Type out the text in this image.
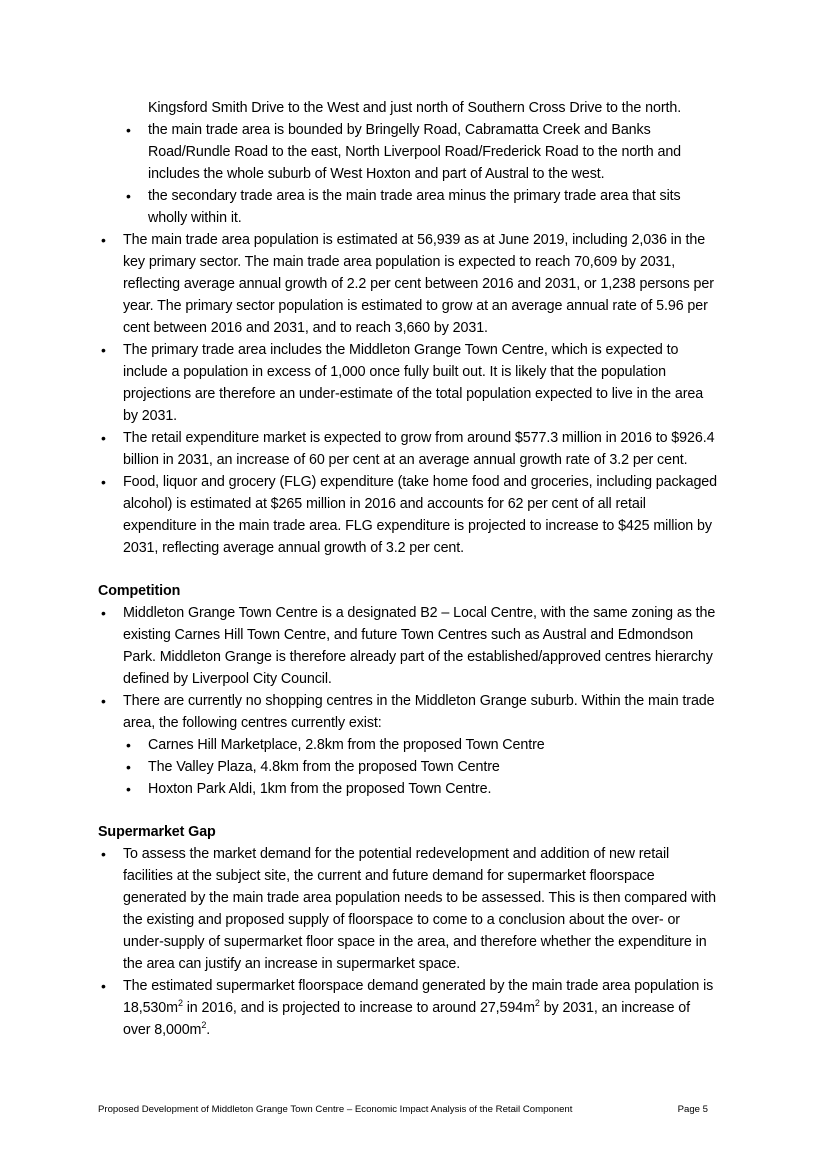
Kingsford Smith Drive to the West and just north of Southern Cross Drive to the north.
• the main trade area is bounded by Bringelly Road, Cabramatta Creek and Banks Road/Rundle Road to the east, North Liverpool Road/Frederick Road to the north and includes the whole suburb of West Hoxton and part of Austral to the west.
• the secondary trade area is the main trade area minus the primary trade area that sits wholly within it.
• The main trade area population is estimated at 56,939 as at June 2019, including 2,036 in the key primary sector. The main trade area population is expected to reach 70,609 by 2031, reflecting average annual growth of 2.2 per cent between 2016 and 2031, or 1,238 persons per year. The primary sector population is estimated to grow at an average annual rate of 5.96 per cent between 2016 and 2031, and to reach 3,660 by 2031.
• The primary trade area includes the Middleton Grange Town Centre, which is expected to include a population in excess of 1,000 once fully built out. It is likely that the population projections are therefore an under-estimate of the total population expected to live in the area by 2031.
• The retail expenditure market is expected to grow from around $577.3 million in 2016 to $926.4 billion in 2031, an increase of 60 per cent at an average annual growth rate of 3.2 per cent.
• Food, liquor and grocery (FLG) expenditure (take home food and groceries, including packaged alcohol) is estimated at $265 million in 2016 and accounts for 62 per cent of all retail expenditure in the main trade area. FLG expenditure is projected to increase to $425 million by 2031, reflecting average annual growth of 3.2 per cent.
Competition
• Middleton Grange Town Centre is a designated B2 – Local Centre, with the same zoning as the existing Carnes Hill Town Centre, and future Town Centres such as Austral and Edmondson Park. Middleton Grange is therefore already part of the established/approved centres hierarchy defined by Liverpool City Council.
• There are currently no shopping centres in the Middleton Grange suburb. Within the main trade area, the following centres currently exist:
• Carnes Hill Marketplace, 2.8km from the proposed Town Centre
• The Valley Plaza, 4.8km from the proposed Town Centre
• Hoxton Park Aldi, 1km from the proposed Town Centre.
Supermarket Gap
• To assess the market demand for the potential redevelopment and addition of new retail facilities at the subject site, the current and future demand for supermarket floorspace generated by the main trade area population needs to be assessed. This is then compared with the existing and proposed supply of floorspace to come to a conclusion about the over- or under-supply of supermarket floor space in the area, and therefore whether the expenditure in the area can justify an increase in supermarket space.
• The estimated supermarket floorspace demand generated by the main trade area population is $18,530m^2$ in 2016, and is projected to increase to around $27,594m^2$ by 2031, an increase of over $8,000m^2$.
Proposed Development of Middleton Grange Town Centre – Economic Impact Analysis of the Retail Component	Page 5
